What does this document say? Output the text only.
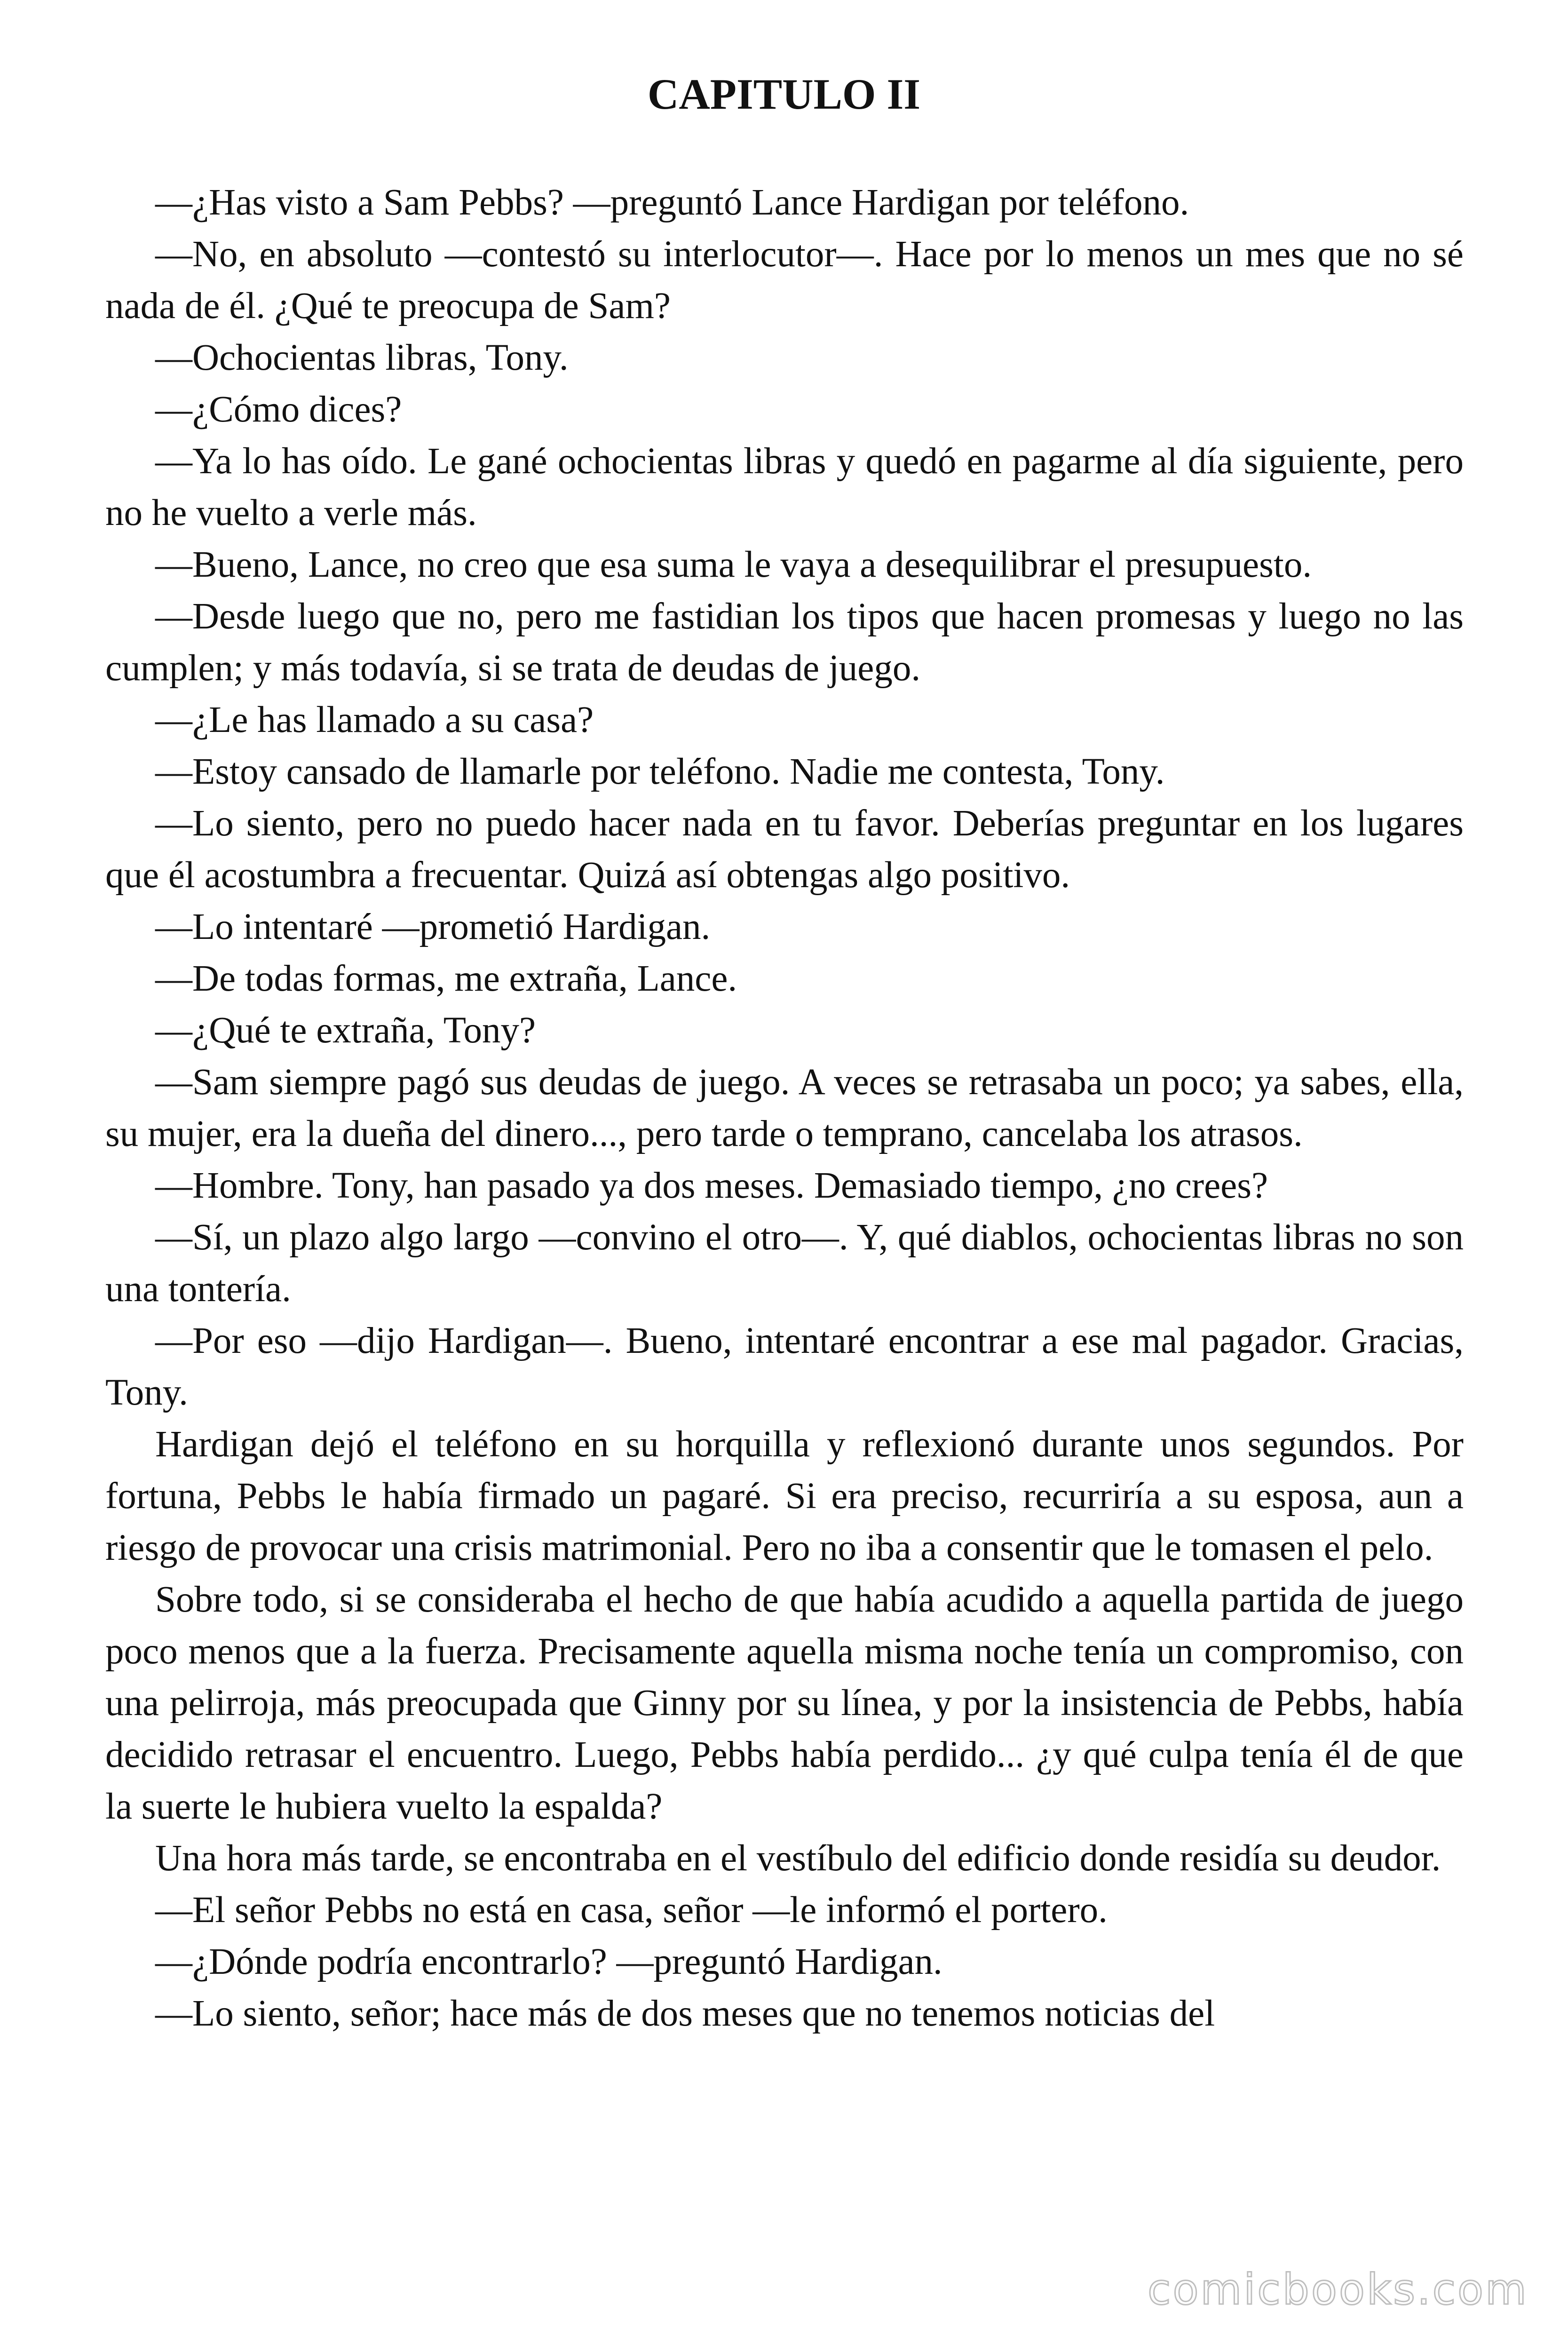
CAPITULO II

—¿Has visto a Sam Pebbs? —preguntó Lance Hardigan por teléfono.

—No, en absoluto —contestó su interlocutor—. Hace por lo menos un mes que no sé nada de él. ¿Qué te preocupa de Sam?

—Ochocientas libras, Tony.

—¿Cómo dices?

—Ya lo has oído. Le gané ochocientas libras y quedó en pagarme al día siguiente, pero no he vuelto a verle más.

—Bueno, Lance, no creo que esa suma le vaya a desequilibrar el presupuesto.

—Desde luego que no, pero me fastidian los tipos que hacen promesas y luego no las cumplen; y más todavía, si se trata de deudas de juego.

—¿Le has llamado a su casa?

—Estoy cansado de llamarle por teléfono. Nadie me contesta, Tony.

—Lo siento, pero no puedo hacer nada en tu favor. Deberías preguntar en los lugares que él acostumbra a frecuentar. Quizá así obtengas algo positivo.

—Lo intentaré —prometió Hardigan.

—De todas formas, me extraña, Lance.

—¿Qué te extraña, Tony?

—Sam siempre pagó sus deudas de juego. A veces se retrasaba un poco; ya sabes, ella, su mujer, era la dueña del dinero..., pero tarde o temprano, cancelaba los atrasos.

—Hombre. Tony, han pasado ya dos meses. Demasiado tiempo, ¿no crees?

—Sí, un plazo algo largo —convino el otro—. Y, qué diablos, ochocientas libras no son una tontería.

—Por eso —dijo Hardigan—. Bueno, intentaré encontrar a ese mal pagador. Gracias, Tony.

Hardigan dejó el teléfono en su horquilla y reflexionó durante unos segundos. Por fortuna, Pebbs le había firmado un pagaré. Si era preciso, recurriría a su esposa, aun a riesgo de provocar una crisis matrimonial. Pero no iba a consentir que le tomasen el pelo.

Sobre todo, si se consideraba el hecho de que había acudido a aquella partida de juego poco menos que a la fuerza. Precisamente aquella misma noche tenía un compromiso, con una pelirroja, más preocupada que Ginny por su línea, y por la insistencia de Pebbs, había decidido retrasar el encuentro. Luego, Pebbs había perdido... ¿y qué culpa tenía él de que la suerte le hubiera vuelto la espalda?

Una hora más tarde, se encontraba en el vestíbulo del edificio donde residía su deudor.

—El señor Pebbs no está en casa, señor —le informó el portero.

—¿Dónde podría encontrarlo? —preguntó Hardigan.

—Lo siento, señor; hace más de dos meses que no tenemos noticias del

comicbooks.com
